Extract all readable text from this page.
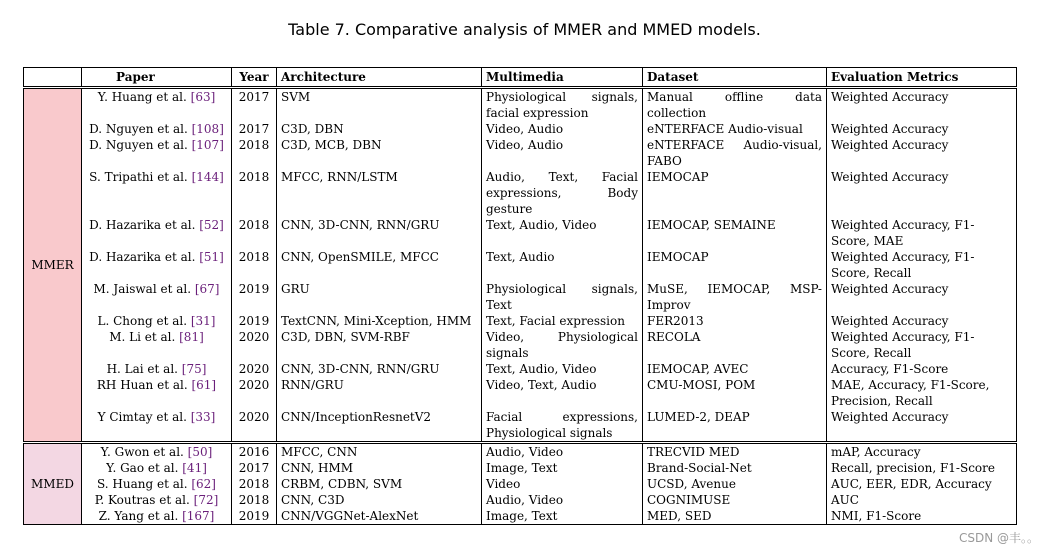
Table 7. Comparative analysis of MMER and MMED models.
	Paper	Year	Architecture	Multimedia	Dataset	Evaluation Metrics
MMER	Y. Huang et al. [63]	2017	SVM	Physiological signals, facial expression	Manual offline data collection	Weighted Accuracy
	D. Nguyen et al. [108]	2017	C3D, DBN	Video, Audio	eNTERFACE Audio-visual	Weighted Accuracy
	D. Nguyen et al. [107]	2018	C3D, MCB, DBN	Video, Audio	eNTERFACE Audio-visual, FABO	Weighted Accuracy
	S. Tripathi et al. [144]	2018	MFCC, RNN/LSTM	Audio, Text, Facial expressions, Body gesture	IEMOCAP	Weighted Accuracy
	D. Hazarika et al. [52]	2018	CNN, 3D-CNN, RNN/GRU	Text, Audio, Video	IEMOCAP, SEMAINE	Weighted Accuracy, F1-Score, MAE
	D. Hazarika et al. [51]	2018	CNN, OpenSMILE, MFCC	Text, Audio	IEMOCAP	Weighted Accuracy, F1-Score, Recall
	M. Jaiswal et al. [67]	2019	GRU	Physiological signals, Text	MuSE, IEMOCAP, MSP-Improv	Weighted Accuracy
	L. Chong et al. [31]	2019	TextCNN, Mini-Xception, HMM	Text, Facial expression	FER2013	Weighted Accuracy
	M. Li et al. [81]	2020	C3D, DBN, SVM-RBF	Video, Physiological signals	RECOLA	Weighted Accuracy, F1-Score, Recall
	H. Lai et al. [75]	2020	CNN, 3D-CNN, RNN/GRU	Text, Audio, Video	IEMOCAP, AVEC	Accuracy, F1-Score
	RH Huan et al. [61]	2020	RNN/GRU	Video, Text, Audio	CMU-MOSI, POM	MAE, Accuracy, F1-Score, Precision, Recall
	Y Cimtay et al. [33]	2020	CNN/InceptionResnetV2	Facial expressions, Physiological signals	LUMED-2, DEAP	Weighted Accuracy
MMED	Y. Gwon et al. [50]	2016	MFCC, CNN	Audio, Video	TRECVID MED	mAP, Accuracy
	Y. Gao et al. [41]	2017	CNN, HMM	Image, Text	Brand-Social-Net	Recall, precision, F1-Score
	S. Huang et al. [62]	2018	CRBM, CDBN, SVM	Video	UCSD, Avenue	AUC, EER, EDR, Accuracy
	P. Koutras et al. [72]	2018	CNN, C3D	Audio, Video	COGNIMUSE	AUC
	Z. Yang et al. [167]	2019	CNN/VGGNet-AlexNet	Image, Text	MED, SED	NMI, F1-Score
CSDN @丰。。
